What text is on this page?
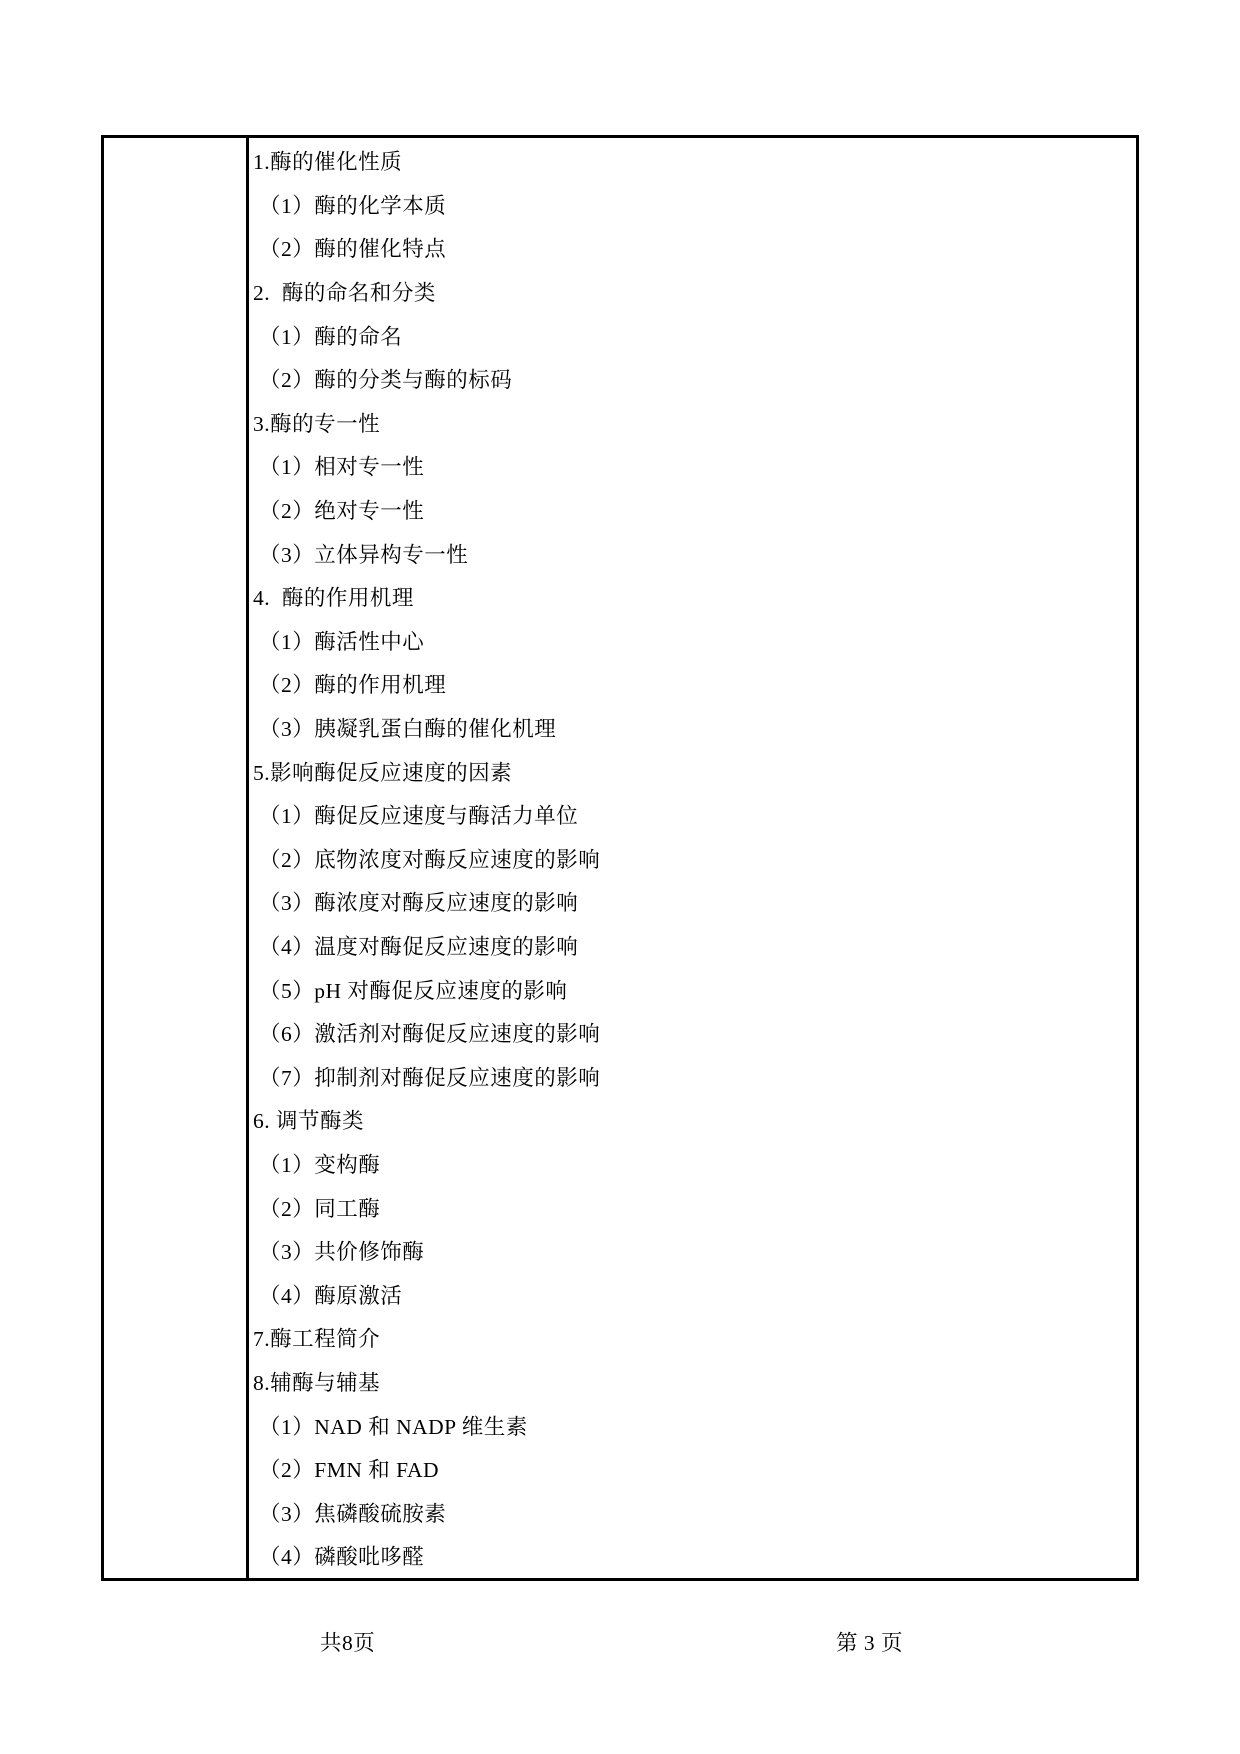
1.酶的催化性质
（1）酶的化学本质
（2）酶的催化特点
2.  酶的命名和分类
（1）酶的命名
（2）酶的分类与酶的标码
3.酶的专一性
（1）相对专一性
（2）绝对专一性
（3）立体异构专一性
4.  酶的作用机理
（1）酶活性中心
（2）酶的作用机理
（3）胰凝乳蛋白酶的催化机理
5.影响酶促反应速度的因素
（1）酶促反应速度与酶活力单位
（2）底物浓度对酶反应速度的影响
（3）酶浓度对酶反应速度的影响
（4）温度对酶促反应速度的影响
（5）pH 对酶促反应速度的影响
（6）激活剂对酶促反应速度的影响
（7）抑制剂对酶促反应速度的影响
6. 调节酶类
（1）变构酶
（2）同工酶
（3）共价修饰酶
（4）酶原激活
7.酶工程简介
8.辅酶与辅基
（1）NAD 和 NADP 维生素
（2）FMN 和 FAD
（3）焦磷酸硫胺素
（4）磷酸吡哆醛
共8页	第 3 页
